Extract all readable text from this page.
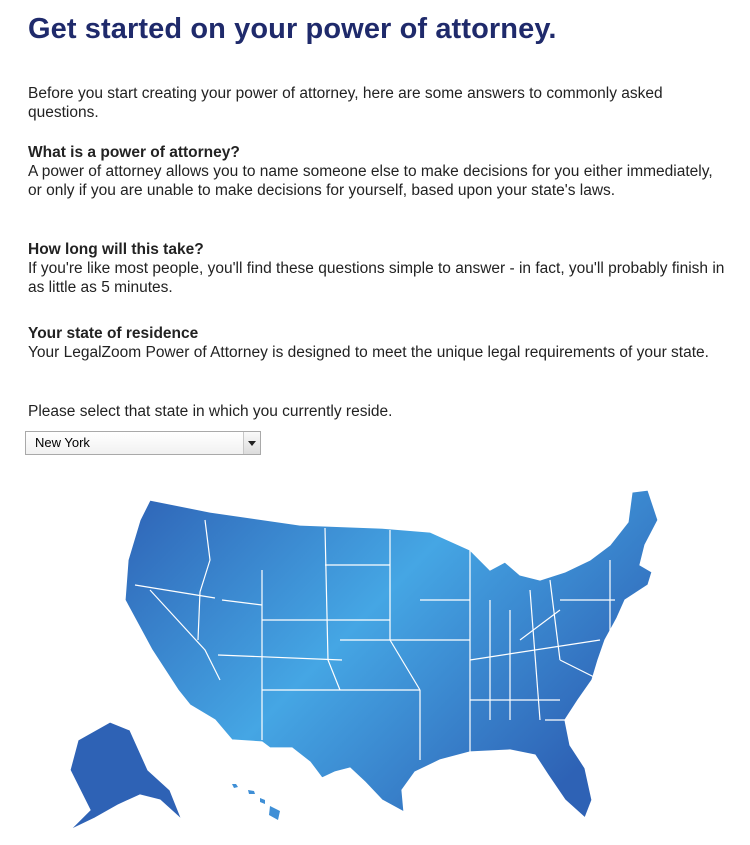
Get started on your power of attorney.

Before you start creating your power of attorney, here are some answers to commonly asked questions.

What is a power of attorney?

A power of attorney allows you to name someone else to make decisions for you either immediately, or only if you are unable to make decisions for yourself, based upon your state's laws.

How long will this take?

If you're like most people, you'll find these questions simple to answer - in fact, you'll probably finish in as little as 5 minutes.

Your state of residence

Your LegalZoom Power of Attorney is designed to meet the unique legal requirements of your state.

Please select that state in which you currently reside.

New York
